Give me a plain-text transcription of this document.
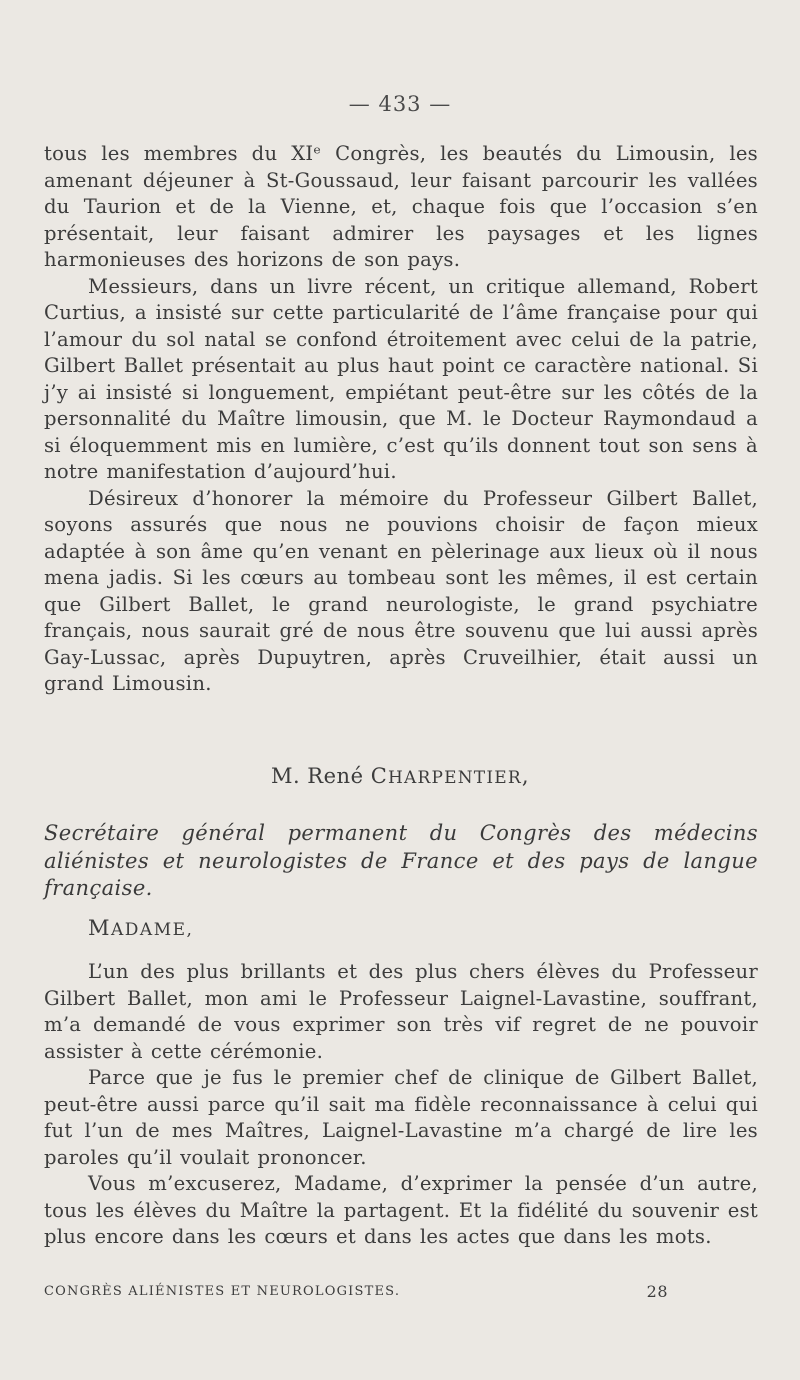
— 433 —

tous les membres du XIᵉ Congrès, les beautés du Limousin, les amenant déjeuner à St-Goussaud, leur faisant parcourir les vallées du Taurion et de la Vienne, et, chaque fois que l’occasion s’en présentait, leur faisant admirer les paysages et les lignes harmonieuses des horizons de son pays.

Messieurs, dans un livre récent, un critique allemand, Robert Curtius, a insisté sur cette particularité de l’âme française pour qui l’amour du sol natal se confond étroitement avec celui de la patrie, Gilbert Ballet présentait au plus haut point ce caractère national. Si j’y ai insisté si longuement, empiétant peut-être sur les côtés de la personnalité du Maître limousin, que M. le Docteur Raymondaud a si éloquemment mis en lumière, c’est qu’ils donnent tout son sens à notre manifestation d’aujourd’hui.

Désireux d’honorer la mémoire du Professeur Gilbert Ballet, soyons assurés que nous ne pouvions choisir de façon mieux adaptée à son âme qu’en venant en pèlerinage aux lieux où il nous mena jadis. Si les cœurs au tombeau sont les mêmes, il est certain que Gilbert Ballet, le grand neurologiste, le grand psychiatre français, nous saurait gré de nous être souvenu que lui aussi après Gay-Lussac, après Dupuytren, après Cruveilhier, était aussi un grand Limousin.

M. René CHARPENTIER,
Secrétaire général permanent du Congrès des médecins aliénistes et neurologistes de France et des pays de langue française.
MADAME,

L’un des plus brillants et des plus chers élèves du Professeur Gilbert Ballet, mon ami le Professeur Laignel-Lavastine, souffrant, m’a demandé de vous exprimer son très vif regret de ne pouvoir assister à cette cérémonie.

Parce que je fus le premier chef de clinique de Gilbert Ballet, peut-être aussi parce qu’il sait ma fidèle reconnaissance à celui qui fut l’un de mes Maîtres, Laignel-Lavastine m’a chargé de lire les paroles qu’il voulait prononcer.

Vous m’excuserez, Madame, d’exprimer la pensée d’un autre, tous les élèves du Maître la partagent. Et la fidélité du souvenir est plus encore dans les cœurs et dans les actes que dans les mots.

CONGRÈS ALIÉNISTES ET NEUROLOGISTES.	28
